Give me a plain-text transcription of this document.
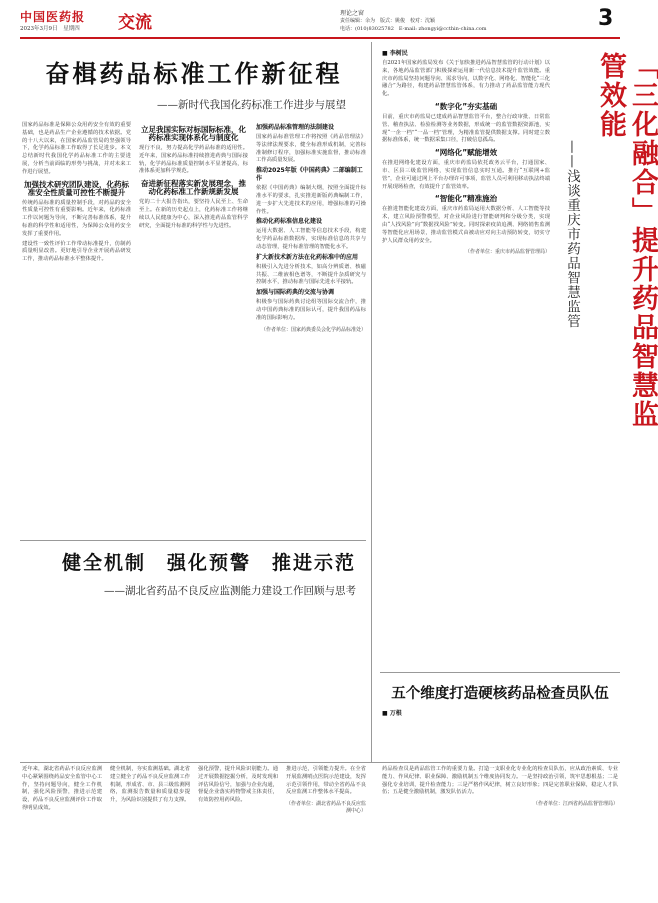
中国医药报
2023年3月9日 星期四 交流	理论之窗
责任编辑：余为　版式：姚俊　校对：沈颖
电话：(010)83025782　E-mail: zhongyi@ccthin-china.com	3
奋楫药品标准工作新征程
——新时代我国化药标准工作进步与展望

国家药品标准是保障公众用药安全有效的重要基础，也是药品生产企业遵循的技术依据。党的十八大以来，在国家药品监管局的坚强领导下，化学药品标准工作取得了长足进步。本文总结新时代我国化学药品标准工作的主要进展，分析当前面临的形势与挑战，并对未来工作进行展望。

加强技术研究团队建设，化药标准安全性质量可控性不断提升

传统药品标准的质量控制手段，对药品的安全性质量可控性有重要影响。近年来，化药标准工作以问题为导向，不断完善标准体系，提升标准的科学性和适用性，为保障公众用药安全发挥了重要作用。

建设性一致性评价工作带动标准提升，仿制药质量明显改善。更好地引导企业开展药品研发工作，推动药品标准水平整体提升。

立足我国实际对标国际标准，化药标准实现体系化与制度化

现行不良，努力提高化学药品标准的适用性。近年来，国家药品标准持续推进药典与国际接轨，化学药品标准质量控制水平显著提高，标准体系更加科学规范。

奋进新征程落实新发展理念，推动化药标准工作新规新发展

党的二十大报告指出，要坚持人民至上、生命至上。在新的历史起点上，化药标准工作将继续以人民健康为中心，深入推进药品监管科学研究，全面提升标准的科学性与先进性。

加强药品标准管理的法制建设

国家药品标准管理工作将按照《药品管理法》等法律法规要求，健全标准形成机制，完善标准制修订程序，加强标准实施监督，推动标准工作高质量发展。

推动2025年版《中国药典》二部编制工作

依据《中国药典》编制大纲，按照全面提升标准水平的要求，扎实推进新版药典编制工作，进一步扩大先进技术的应用，增强标准的可操作性。

推动化药标准信息化建设

运用大数据、人工智能等信息技术手段，构建化学药品标准数据库，实现标准信息的共享与动态管理，提升标准管理的智能化水平。

扩大新技术新方法在化药标准中的应用

积极引入先进分析技术，如高分辨质谱、核磁共振、二维液相色谱等，不断提升杂质研究与控制水平，推动标准与国际先进水平接轨。

加强与国际药典的交流与协调

积极参与国际药典讨论组等国际交流合作，推动中国药典标准的国际认可，提升我国药品标准的国际影响力。

（作者单位：国家药典委员会化学药品标准处）
■ 李树民

自2021年国家药监局发布《关于加快推进药品智慧监管的行动计划》以来，各地药品监管部门积极探索运用新一代信息技术提升监管效能。重庆市药监局坚持问题导向、需求导向，以数字化、网络化、智能化“三化融合”为路径，构建药品智慧监管体系，有力推动了药品监管能力现代化。

“数字化”夯实基础

目前，重庆市药监局已建成药品智慧监管平台，整合行政审批、日常监管、稽查执法、检验检测等业务数据，形成统一的监管数据资源池，实现“一企一档”“一品一档”管理，为精准监管提供数据支撑。同时建立数据标准体系，统一数据采集口径，打破信息孤岛。

“网络化”赋能增效

在推进网络化建设方面，重庆市药监局依托政务云平台，打通国家、市、区县三级监管网络，实现监管信息实时互通。推行“互联网+监管”，企业可通过网上平台办理许可事项，监管人员可利用移动执法终端开展现场检查，有效提升了监管效率。

“智能化”精准施治

在推进智能化建设方面，重庆市药监局运用大数据分析、人工智能等技术，建立风险预警模型，对企业风险进行智能研判和分级分类，实现由“人找风险”向“数据找风险”转变。同时探索疫苗追溯、网络销售监测等智能化应用场景，推动监管模式由被动应对向主动预防转变，切实守护人民群众用药安全。

（作者单位：重庆市药品监督管理局）	「三化融合」提升药品智慧监管效能
——浅谈重庆市药品智慧监管
五个维度打造硬核药品检查员队伍
■ 万根
健全机制　强化预警　推进示范
——湖北省药品不良反应监测能力建设工作回顾与思考

近年来，湖北省药品不良反应监测中心紧紧围绕药品安全监管中心工作，坚持问题导向，健全工作机制，强化风险预警，推进示范建设，药品不良反应监测评价工作取得明显成效。

健全机制，夯实监测基础。湖北省建立健全了药品不良反应监测工作机制，形成省、市、县三级监测网络，监测报告数量和质量稳步提升，为风险识别提供了有力支撑。

强化预警，提升风险识别能力。通过开展数据挖掘分析，及时发现和评估风险信号，加强与企业沟通，督促企业落实药物警戒主体责任，有效防控用药风险。

推进示范，引领能力提升。在全省开展监测哨点医院示范建设，发挥示范引领作用，带动全省药品不良反应监测工作整体水平提高。

（作者单位：湖北省药品不良反应监测中心）

药品检查员是药品监管工作的重要力量。打造一支职业化专业化的检查员队伍，应从政治素质、专业能力、作风纪律、职业保障、激励机制五个维度协同发力。一是坚持政治引领，筑牢思想根基；二是强化专业培训，提升检查能力；三是严格作风纪律，树立良好形象；四是完善职业保障，稳定人才队伍；五是健全激励机制，激发队伍活力。

（作者单位：江西省药品监督管理局）
